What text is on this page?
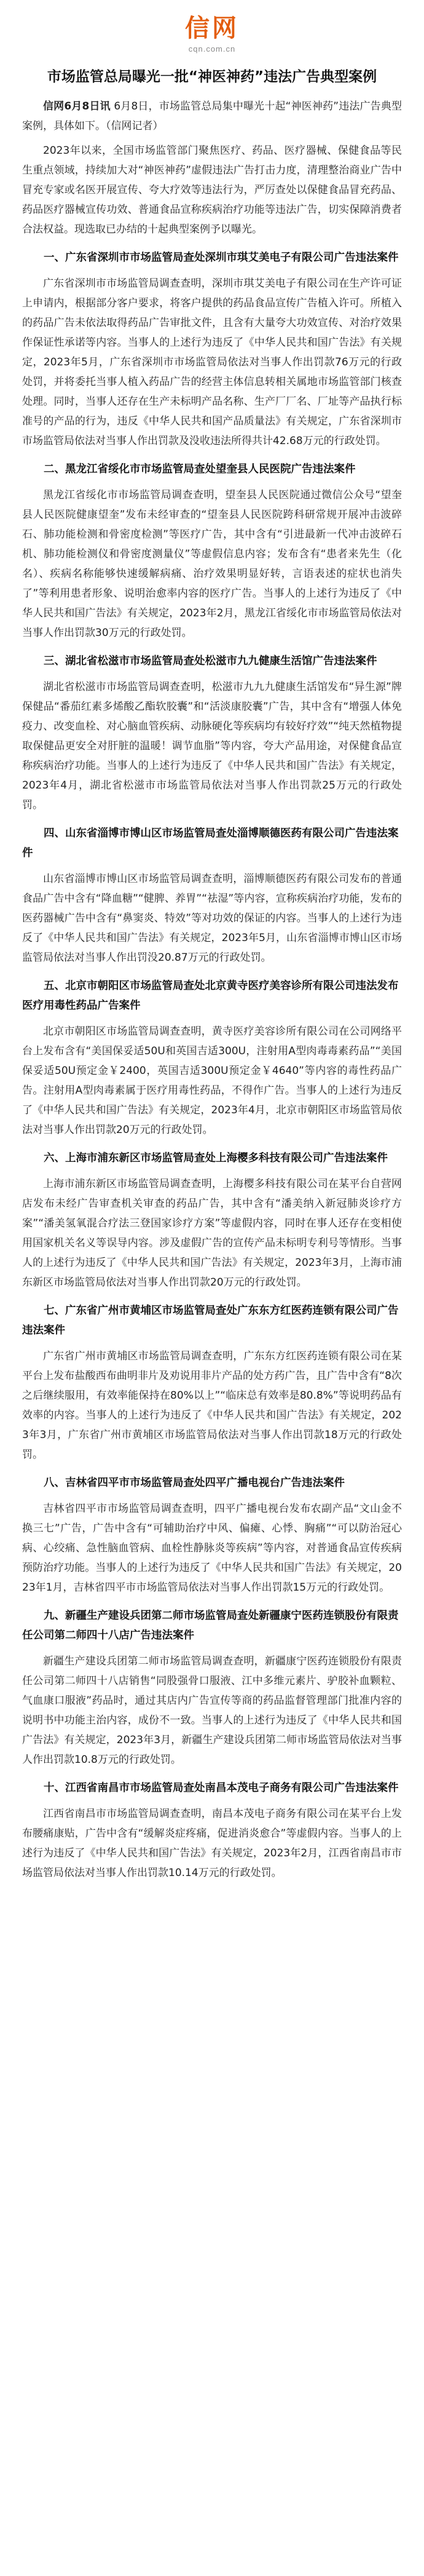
信网
cqn.com.cn
市场监管总局曝光一批“神医神药”违法广告典型案例

信网6月8日讯 6月8日，市场监管总局集中曝光十起“神医神药”违法广告典型案例，具体如下。（信网记者）

2023年以来，全国市场监管部门聚焦医疗、药品、医疗器械、保健食品等民生重点领域，持续加大对“神医神药”虚假违法广告打击力度，清理整治商业广告中冒充专家或名医开展宣传、夸大疗效等违法行为，严厉查处以保健食品冒充药品、药品医疗器械宣传功效、普通食品宣称疾病治疗功能等违法广告，切实保障消费者合法权益。现选取已办结的十起典型案例予以曝光。

一、广东省深圳市市场监管局查处深圳市琪艾美电子有限公司广告违法案件

广东省深圳市市场监管局调查查明，深圳市琪艾美电子有限公司在生产许可证上申请内，根据部分客户要求，将客户提供的药品食品宣传广告植入许可。所植入的药品广告未依法取得药品广告审批文件，且含有大量夸大功效宣传、对治疗效果作保证性承诺等内容。当事人的上述行为违反了《中华人民共和国广告法》有关规定，2023年5月，广东省深圳市市场监管局依法对当事人作出罚款76万元的行政处罚，并将委托当事人植入药品广告的经营主体信息转相关属地市场监管部门核查处理。同时，当事人还存在生产未标明产品名称、生产厂厂名、厂址等产品执行标准号的产品的行为，违反《中华人民共和国产品质量法》有关规定，广东省深圳市市场监管局依法对当事人作出罚款及没收违法所得共计42.68万元的行政处罚。

二、黑龙江省绥化市市场监管局查处望奎县人民医院广告违法案件

黑龙江省绥化市市场监管局调查查明，望奎县人民医院通过微信公众号“望奎县人民医院健康望奎”发布未经审查的“望奎县人民医院跨科研常规开展冲击波碎石、肺功能检测和骨密度检测”等医疗广告，其中含有“引进最新一代冲击波碎石机、肺功能检测仪和骨密度测量仪”等虚假信息内容；发布含有“患者来先生（化名）、疾病名称能够快速缓解病痛、治疗效果明显好转，言语表述的症状也消失了”等利用患者形象、说明治愈率内容的医疗广告。当事人的上述行为违反了《中华人民共和国广告法》有关规定，2023年2月，黑龙江省绥化市市场监管局依法对当事人作出罚款30万元的行政处罚。

三、湖北省松滋市市场监管局查处松滋市九九健康生活馆广告违法案件

湖北省松滋市市场监管局调查查明，松滋市九九九健康生活馆发布“异生源”牌保健品“番茄红素多烯酸乙酯软胶囊”和“活淡康胶囊”广告，其中含有“增强人体免疫力、改变血栓、对心脑血管疾病、动脉硬化等疾病均有较好疗效”“纯天然植物提取保健品更安全对肝脏的温暖！调节血脂”等内容，夸大产品用途，对保健食品宣称疾病治疗功能。当事人的上述行为违反了《中华人民共和国广告法》有关规定，2023年4月，湖北省松滋市市场监管局依法对当事人作出罚款25万元的行政处罚。

四、山东省淄博市博山区市场监管局查处淄博顺德医药有限公司广告违法案件

山东省淄博市博山区市场监管局调查查明，淄博顺德医药有限公司发布的普通食品广告中含有“降血糖”“健脾、养胃”“祛湿”等内容，宣称疾病治疗功能，发布的医药器械广告中含有“鼻窦炎、特效”等对功效的保证的内容。当事人的上述行为违反了《中华人民共和国广告法》有关规定，2023年5月，山东省淄博市博山区市场监管局依法对当事人作出罚没20.87万元的行政处罚。

五、北京市朝阳区市场监管局查处北京黄寺医疗美容诊所有限公司违法发布医疗用毒性药品广告案件

北京市朝阳区市场监管局调查查明，黄寺医疗美容诊所有限公司在公司网络平台上发布含有“美国保妥适50U和英国吉适300U，注射用A型肉毒毒素药品”“美国保妥适50U预定金￥2400，英国吉适300U预定金￥4640”等内容的毒性药品广告。注射用A型肉毒素属于医疗用毒性药品，不得作广告。当事人的上述行为违反了《中华人民共和国广告法》有关规定，2023年4月，北京市朝阳区市场监管局依法对当事人作出罚款20万元的行政处罚。

六、上海市浦东新区市场监管局查处上海樱多科技有限公司广告违法案件

上海市浦东新区市场监管局调查查明，上海樱多科技有限公司在某平台自营网店发布未经广告审查机关审查的药品广告，其中含有“潘美纳入新冠肺炎诊疗方案”“潘美氢氧混合疗法三登国家诊疗方案”等虚假内容，同时在事人还存在变相使用国家机关名义等误导内容。涉及虚假广告的宣传产品未标明专利号等情形。当事人的上述行为违反了《中华人民共和国广告法》有关规定，2023年3月，上海市浦东新区市场监管局依法对当事人作出罚款20万元的行政处罚。

七、广东省广州市黄埔区市场监管局查处广东东方红医药连锁有限公司广告违法案件

广东省广州市黄埔区市场监管局调查查明，广东东方红医药连锁有限公司在某平台上发布盐酸西布曲明非片及劝说用非片产品的处方药广告，且广告中含有“8次之后继续服用，有效率能保持在80%以上”“临床总有效率是80.8%”等说明药品有效率的内容。当事人的上述行为违反了《中华人民共和国广告法》有关规定，2023年3月，广东省广州市黄埔区市场监管局依法对当事人作出罚款18万元的行政处罚。

八、吉林省四平市市场监管局查处四平广播电视台广告违法案件

吉林省四平市市场监管局调查查明，四平广播电视台发布农副产品“文山金不换三七”广告，广告中含有“可辅助治疗中风、偏瘫、心悸、胸痛”“可以防治冠心病、心绞痛、急性脑血管病、血栓性静脉炎等疾病”等内容，对普通食品宣传疾病预防治疗功能。当事人的上述行为违反了《中华人民共和国广告法》有关规定，2023年1月，吉林省四平市市场监管局依法对当事人作出罚款15万元的行政处罚。

九、新疆生产建设兵团第二师市场监管局查处新疆康宁医药连锁股份有限责任公司第二师四十八店广告违法案件

新疆生产建设兵团第二师市场监管局调查查明，新疆康宁医药连锁股份有限责任公司第二师四十八店销售“同股强骨口服液、江中多维元素片、驴胶补血颗粒、气血康口服液”药品时，通过其店内广告宣传等商的药品监督管理部门批准内容的说明书中功能主治内容，成份不一致。当事人的上述行为违反了《中华人民共和国广告法》有关规定，2023年3月，新疆生产建设兵团第二师市场监管局依法对当事人作出罚款10.8万元的行政处罚。

十、江西省南昌市市场监管局查处南昌本茂电子商务有限公司广告违法案件

江西省南昌市市场监管局调查查明，南昌本茂电子商务有限公司在某平台上发布腰痛康贴，广告中含有“缓解炎症疼痛，促进消炎愈合”等虚假内容。当事人的上述行为违反了《中华人民共和国广告法》有关规定，2023年2月，江西省南昌市市场监管局依法对当事人作出罚款10.14万元的行政处罚。
